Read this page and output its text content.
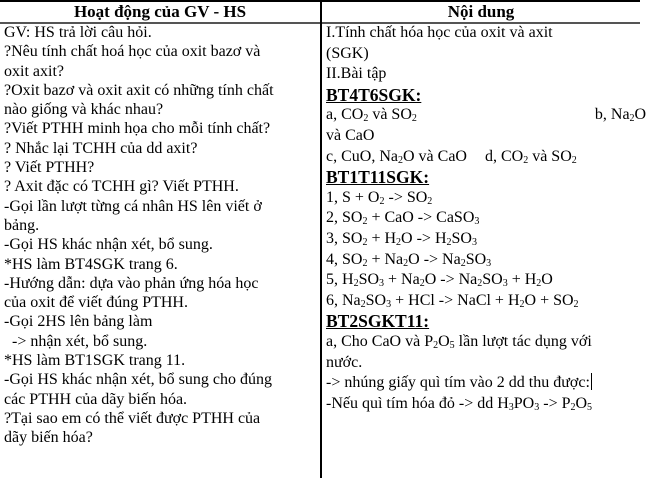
Hoạt động của GV - HS	Nội dung
GV: HS trả lời câu hỏi.
?Nêu tính chất hoá học của oxit bazơ và
oxit axit?
?Oxit bazơ và oxit axit có những tính chất
nào giống và khác nhau?
?Viết PTHH minh họa cho mỗi tính chất?
? Nhắc lại TCHH của dd axit?
? Viết PTHH?
? Axit đặc có TCHH gì? Viết PTHH.
-Gọi lần lượt từng cá nhân HS lên viết ở
bảng.
-Gọi HS khác nhận xét, bổ sung.
*HS làm BT4SGK trang 6.
-Hướng dẫn: dựa vào phản ứng hóa học
của oxit để viết đúng PTHH.
-Gọi 2HS lên bảng làm
-> nhận xét, bổ sung.
*HS làm BT1SGK trang 11.
-Gọi HS khác nhận xét, bổ sung cho đúng
các PTHH của dãy biến hóa.
?Tại sao em có thể viết được PTHH của
dãy biến hóa?
I.Tính chất hóa học của oxit và axit
(SGK)
II.Bài tập
BT4T6SGK:
a, $CO_2$ và $SO_2$	b, $Na_2O$
và CaO
c, CuO, $Na_2O$ và CaO d, $CO_2$ và $SO_2$
BT1T11SGK:
1, $S + O_2 -> SO_2$
2, $SO_2$ + CaO -> CaSO$_3$
3, $SO_2 + H_2O -> H_2SO_3$
4, $SO_2 + Na_2O -> Na_2SO_3$
5, $H_2SO_3 + Na_2O -> Na_2SO_3 + H_2O$
6, $Na_2SO_3$ + HCl -> NaCl + $H_2O + SO_2$
BT2SGKT11:
a, Cho CaO và $P_2O_5$ lần lượt tác dụng với
nước.
-> nhúng giấy quì tím vào 2 dd thu được:
-Nếu quì tím hóa đỏ -> dd $H_3PO_3 -> P_2O_5$
